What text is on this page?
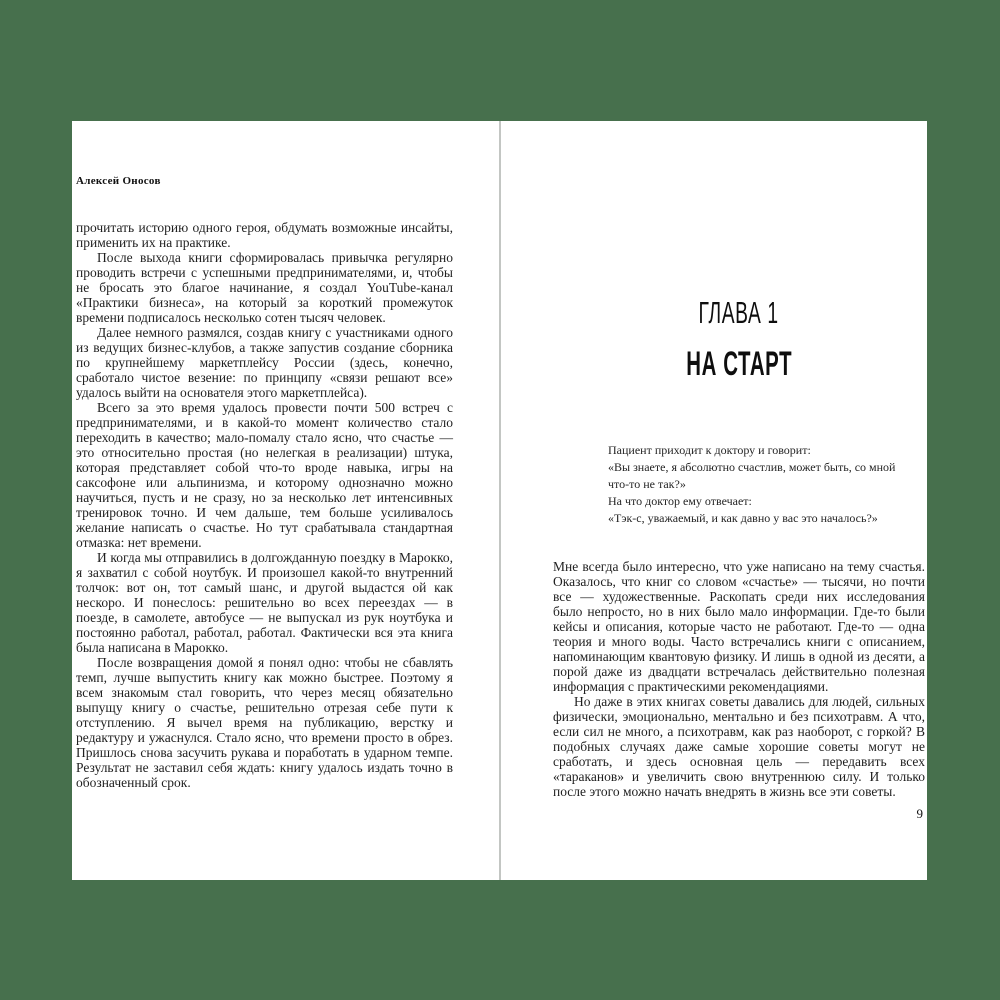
Алексей Оносов

прочитать историю одного героя, обдумать возможные инсайты, применить их на практике.

После выхода книги сформировалась привычка регулярно проводить встречи с успешными предпринимателями, и, чтобы не бросать это благое начинание, я создал YouTube-канал «Практики бизнеса», на который за короткий промежуток времени подписалось несколько сотен тысяч человек.

Далее немного размялся, создав книгу с участниками одного из ведущих бизнес-клубов, а также запустив создание сборника по крупнейшему маркетплейсу России (здесь, конечно, сработало чистое везение: по принципу «связи решают все» удалось выйти на основателя этого маркетплейса).

Всего за это время удалось провести почти 500 встреч с предпринимателями, и в какой-то момент количество стало переходить в качество; мало-помалу стало ясно, что счастье — это относительно простая (но нелегкая в реализации) штука, которая представляет собой что-то вроде навыка, игры на саксофоне или альпинизма, и которому однозначно можно научиться, пусть и не сразу, но за несколько лет интенсивных тренировок точно. И чем дальше, тем больше усиливалось желание написать о счастье. Но тут срабатывала стандартная отмазка: нет времени.

И когда мы отправились в долгожданную поездку в Марокко, я захватил с собой ноутбук. И произошел какой-то внутренний толчок: вот он, тот самый шанс, и другой выдастся ой как нескоро. И понеслось: решительно во всех переездах — в поезде, в самолете, автобусе — не выпускал из рук ноутбука и постоянно работал, работал, работал. Фактически вся эта книга была написана в Марокко.

После возвращения домой я понял одно: чтобы не сбавлять темп, лучше выпустить книгу как можно быстрее. Поэтому я всем знакомым стал говорить, что через месяц обязательно выпущу книгу о счастье, решительно отрезая себе пути к отступлению. Я вычел время на публикацию, верстку и редактуру и ужаснулся. Стало ясно, что времени просто в обрез. Пришлось снова засучить рукава и поработать в ударном темпе. Результат не заставил себя ждать: книгу удалось издать точно в обозначенный срок.

ГЛАВА 1
НА СТАРТ
Пациент приходит к доктору и говорит:
«Вы знаете, я абсолютно счастлив, может быть, со мной что-то не так?»
На что доктор ему отвечает:
«Тэк-с, уважаемый, и как давно у вас это началось?»

Мне всегда было интересно, что уже написано на тему счастья. Оказалось, что книг со словом «счастье» — тысячи, но почти все — художественные. Раскопать среди них исследования было непросто, но в них было мало информации. Где-то были кейсы и описания, которые часто не работают. Где-то — одна теория и много воды. Часто встречались книги с описанием, напоминающим квантовую физику. И лишь в одной из десяти, а порой даже из двадцати встречалась действительно полезная информация с практическими рекомендациями.

Но даже в этих книгах советы давались для людей, сильных физически, эмоционально, ментально и без психотравм. А что, если сил не много, а психотравм, как раз наоборот, с горкой? В подобных случаях даже самые хорошие советы могут не сработать, и здесь основная цель — передавить всех «тараканов» и увеличить свою внутреннюю силу. И только после этого можно начать внедрять в жизнь все эти советы.

9
